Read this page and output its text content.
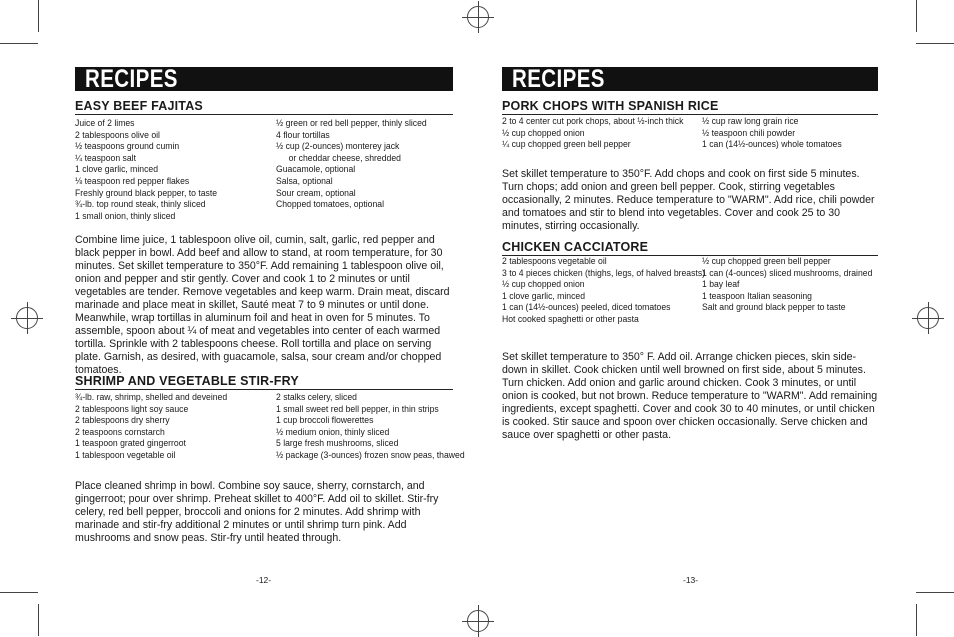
RECIPES
EASY BEEF FAJITAS
Juice of 2 limes
2 tablespoons olive oil
½ teaspoons ground cumin
¼ teaspoon salt
1 clove garlic, minced
⅛ teaspoon red pepper flakes
Freshly ground black pepper, to taste
¾-lb. top round steak, thinly sliced
1 small onion, thinly sliced
½ green or red bell pepper, thinly sliced
4 flour tortillas
½ cup (2-ounces) monterey jack
or cheddar cheese, shredded
Guacamole, optional
Salsa, optional
Sour cream, optional
Chopped tomatoes, optional
Combine lime juice, 1 tablespoon olive oil, cumin, salt, garlic, red pepper and black pepper in bowl. Add beef and allow to stand, at room temperature, for 30 minutes. Set skillet temperature to 350°F. Add remaining 1 tablespoon olive oil, onion and pepper and stir gently. Cover and cook 1 to 2 minutes or until vegetables are tender. Remove vegetables and keep warm. Drain meat, discard marinade and place meat in skillet, Sauté meat 7 to 9 minutes or until done. Meanwhile, wrap tortillas in aluminum foil and heat in oven for 5 minutes. To assemble, spoon about ¼ of meat and vegetables into center of each warmed tortilla. Sprinkle with 2 tablespoons cheese. Roll tortilla and place on serving plate. Garnish, as desired, with guacamole, salsa, sour cream and/or chopped tomatoes.
SHRIMP AND VEGETABLE STIR-FRY
¾-lb. raw, shrimp, shelled and deveined
2 tablespoons light soy sauce
2 tablespoons dry sherry
2 teaspoons cornstarch
1 teaspoon grated gingerroot
1 tablespoon vegetable oil
2 stalks celery, sliced
1 small sweet red bell pepper, in thin strips
1 cup broccoli flowerettes
½ medium onion, thinly sliced
5 large fresh mushrooms, sliced
½ package (3-ounces) frozen snow peas, thawed
Place cleaned shrimp in bowl. Combine soy sauce, sherry, cornstarch, and gingerroot; pour over shrimp. Preheat skillet to 400°F. Add oil to skillet. Stir-fry celery, red bell pepper, broccoli and onions for 2 minutes. Add shrimp with marinade and stir-fry additional 2 minutes or until shrimp turn pink. Add mushrooms and snow peas. Stir-fry until heated through.
-12-
RECIPES
PORK CHOPS WITH SPANISH RICE
2 to 4 center cut pork chops, about ½-inch thick
½ cup chopped onion
¼ cup chopped green bell pepper
½ cup raw long grain rice
½ teaspoon chili powder
1 can (14½-ounces) whole tomatoes
Set skillet temperature to 350°F. Add chops and cook on first side 5 minutes. Turn chops; add onion and green bell pepper. Cook, stirring vegetables occasionally, 2 minutes. Reduce temperature to "WARM". Add rice, chili powder and tomatoes and stir to blend into vegetables. Cover and cook 25 to 30 minutes, stirring occasionally.
CHICKEN CACCIATORE
2 tablespoons vegetable oil
3 to 4 pieces chicken (thighs, legs, of halved breasts)
½ cup chopped onion
1 clove garlic, minced
1 can (14½-ounces) peeled, diced tomatoes
Hot cooked spaghetti or other pasta
½ cup chopped green bell pepper
1 can (4-ounces) sliced mushrooms, drained
1 bay leaf
1 teaspoon Italian seasoning
Salt and ground black pepper to taste
Set skillet temperature to 350° F. Add oil. Arrange chicken pieces, skin side-down in skillet. Cook chicken until well browned on first side, about 5 minutes. Turn chicken. Add onion and garlic around chicken. Cook 3 minutes, or until onion is cooked, but not brown. Reduce temperature to "WARM". Add remaining ingredients, except spaghetti. Cover and cook 30 to 40 minutes, or until chicken is cooked. Stir sauce and spoon over chicken occasionally. Serve chicken and sauce over spaghetti or other pasta.
-13-
